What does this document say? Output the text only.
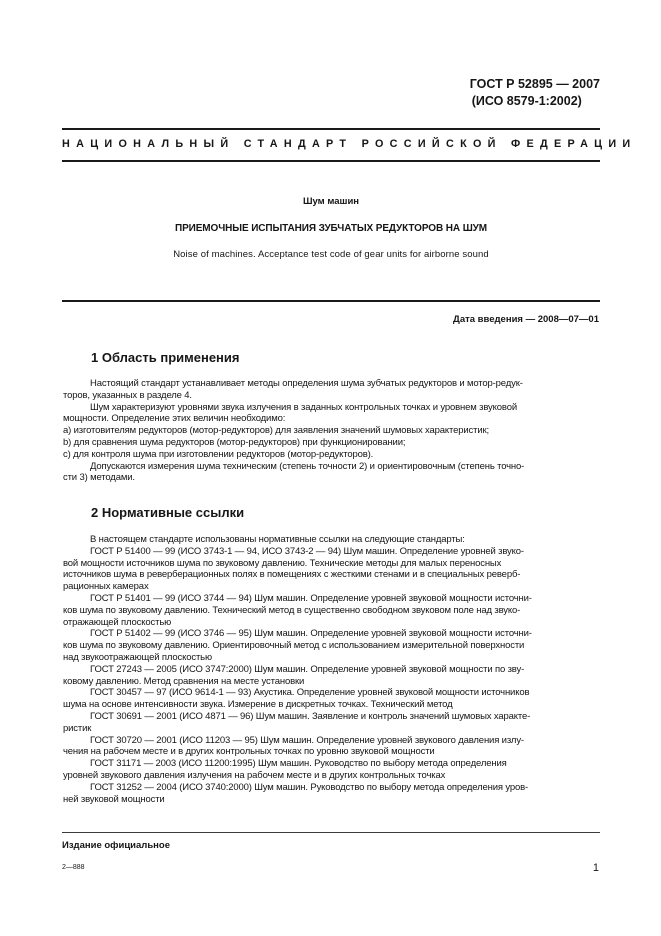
ГОСТ Р 52895 — 2007
(ИСО 8579-1:2002)
НАЦИОНАЛЬНЫЙ СТАНДАРТ РОССИЙСКОЙ ФЕДЕРАЦИИ
Шум машин
ПРИЕМОЧНЫЕ ИСПЫТАНИЯ ЗУБЧАТЫХ РЕДУКТОРОВ НА ШУМ
Noise of machines. Acceptance test code of gear units for airborne sound
Дата введения — 2008—07—01
1 Область применения
Настоящий стандарт устанавливает методы определения шума зубчатых редукторов и мотор-редук-
торов, указанных в разделе 4.
Шум характеризуют уровнями звука излучения в заданных контрольных точках и уровнем звуковой
мощности. Определение этих величин необходимо:
а) изготовителям редукторов (мотор-редукторов) для заявления значений шумовых характеристик;
b) для сравнения шума редукторов (мотор-редукторов) при функционировании;
с) для контроля шума при изготовлении редукторов (мотор-редукторов).
Допускаются измерения шума техническим (степень точности 2) и ориентировочным (степень точно-
сти 3) методами.
2 Нормативные ссылки
В настоящем стандарте использованы нормативные ссылки на следующие стандарты:
ГОСТ Р 51400 — 99 (ИСО 3743-1 — 94, ИСО 3743-2 — 94) Шум машин. Определение уровней звуко-
вой мощности источников шума по звуковому давлению. Технические методы для малых переносных
источников шума в реверберационных полях в помещениях с жесткими стенами и в специальных реверб-
рационных камерах
ГОСТ Р 51401 — 99 (ИСО 3744 — 94) Шум машин. Определение уровней звуковой мощности источни-
ков шума по звуковому давлению. Технический метод в существенно свободном звуковом поле над звуко-
отражающей плоскостью
ГОСТ Р 51402 — 99 (ИСО 3746 — 95) Шум машин. Определение уровней звуковой мощности источни-
ков шума по звуковому давлению. Ориентировочный метод с использованием измерительной поверхности
над звукоотражающей плоскостью
ГОСТ 27243 — 2005 (ИСО 3747:2000) Шум машин. Определение уровней звуковой мощности по зву-
ковому давлению. Метод сравнения на месте установки
ГОСТ 30457 — 97 (ИСО 9614-1 — 93) Акустика. Определение уровней звуковой мощности источников
шума на основе интенсивности звука. Измерение в дискретных точках. Технический метод
ГОСТ 30691 — 2001 (ИСО 4871 — 96) Шум машин. Заявление и контроль значений шумовых характе-
ристик
ГОСТ 30720 — 2001 (ИСО 11203 — 95) Шум машин. Определение уровней звукового давления излу-
чения на рабочем месте и в других контрольных точках по уровню звуковой мощности
ГОСТ 31171 — 2003 (ИСО 11200:1995) Шум машин. Руководство по выбору метода определения
уровней звукового давления излучения на рабочем месте и в других контрольных точках
ГОСТ 31252 — 2004 (ИСО 3740:2000) Шум машин. Руководство по выбору метода определения уров-
ней звуковой мощности
Издание официальное
2—888	1
